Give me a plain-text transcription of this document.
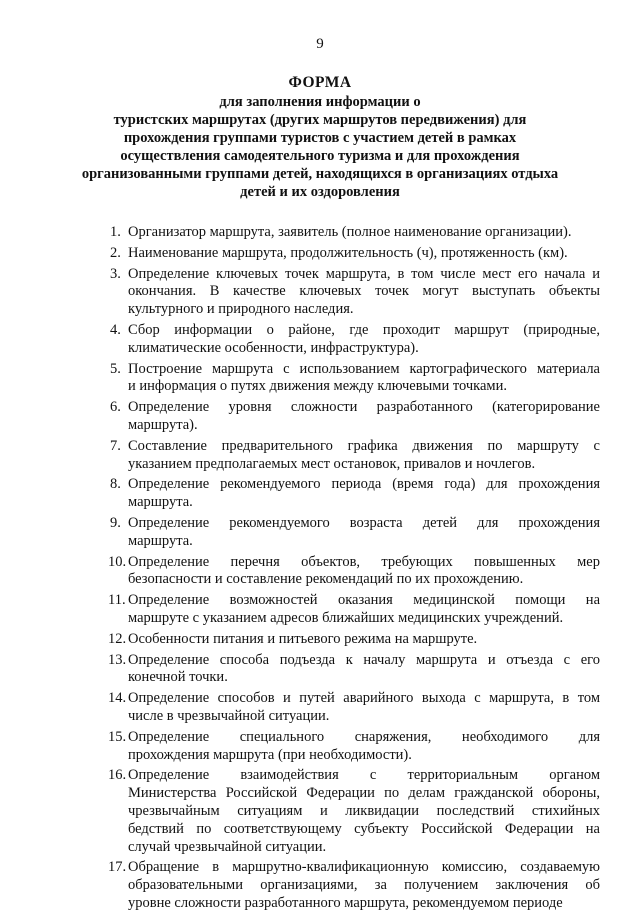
9
ФОРМА

для заполнения информации о
туристских маршрутах (других маршрутов передвижения) для
прохождения группами туристов с участием детей в рамках
осуществления самодеятельного туризма и для прохождения
организованными группами детей, находящихся в организациях отдыха
детей и их оздоровления

1. Организатор маршрута, заявитель (полное наименование организации).
2. Наименование маршрута, продолжительность (ч), протяженность (км).
3. Определение ключевых точек маршрута, в том числе мест его начала и
окончания. В качестве ключевых точек могут выступать объекты
культурного и природного наследия.
4. Сбор информации о районе, где проходит маршрут (природные,
климатические особенности, инфраструктура).
5. Построение маршрута с использованием картографического материала
и информация о путях движения между ключевыми точками.
6. Определение уровня сложности разработанного (категорирование
маршрута).
7. Составление предварительного графика движения по маршруту с
указанием предполагаемых мест остановок, привалов и ночлегов.
8. Определение рекомендуемого периода (время года) для прохождения
маршрута.
9. Определение рекомендуемого возраста детей для прохождения
маршрута.
10. Определение перечня объектов, требующих повышенных мер
безопасности и составление рекомендаций по их прохождению.
11. Определение возможностей оказания медицинской помощи на
маршруте с указанием адресов ближайших медицинских учреждений.
12. Особенности питания и питьевого режима на маршруте.
13. Определение способа подъезда к началу маршрута и отъезда с его
конечной точки.
14. Определение способов и путей аварийного выхода с маршрута, в том
числе в чрезвычайной ситуации.
15. Определение специального снаряжения, необходимого для
прохождения маршрута (при необходимости).
16. Определение взаимодействия с территориальным органом
Министерства Российской Федерации по делам гражданской обороны,
чрезвычайным ситуациям и ликвидации последствий стихийных
бедствий по соответствующему субъекту Российской Федерации на
случай чрезвычайной ситуации.
17. Обращение в маршрутно-квалификационную комиссию, создаваемую
образовательными организациями, за получением заключения об
уровне сложности разработанного маршрута, рекомендуемом периоде
